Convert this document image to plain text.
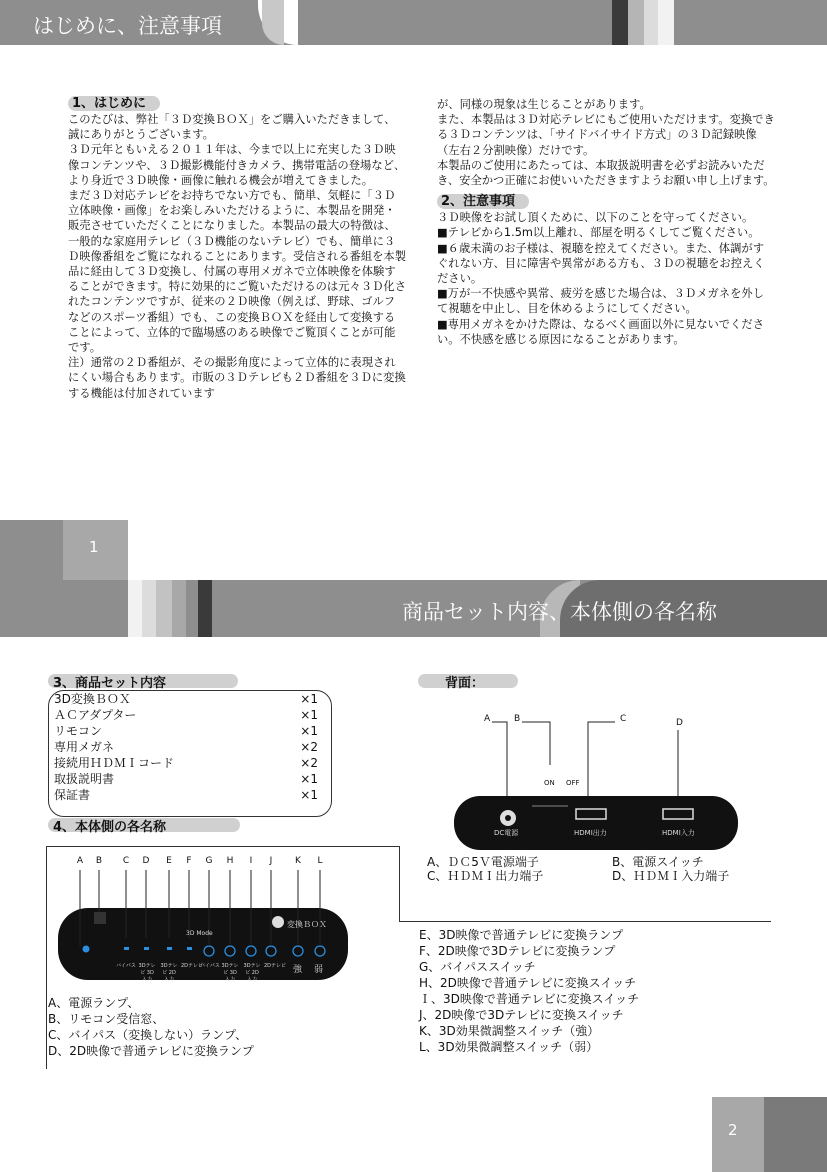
はじめに、注意事項
1、はじめに

このたびは、弊社「３Ｄ変換ＢＯＸ」をご購入いただきまして、誠にありがとうございます。

３Ｄ元年ともいえる２０１１年は、今まで以上に充実した３Ｄ映像コンテンツや、３Ｄ撮影機能付きカメラ、携帯電話の登場など、より身近で３Ｄ映像・画像に触れる機会が増えてきました。

まだ３Ｄ対応テレビをお持ちでない方でも、簡単、気軽に「３Ｄ立体映像・画像」をお楽しみいただけるように、本製品を開発・販売させていただくことになりました。本製品の最大の特徴は、一般的な家庭用テレビ（３Ｄ機能のないテレビ）でも、簡単に３Ｄ映像番組をご覧になれることにあります。受信される番組を本製品に経由して３Ｄ変換し、付属の専用メガネで立体映像を体験することができます。特に効果的にご覧いただけるのは元々３Ｄ化されたコンテンツですが、従来の２Ｄ映像（例えば、野球、ゴルフなどのスポーツ番組）でも、この変換ＢＯＸを経由して変換することによって、立体的で臨場感のある映像でご覧頂くことが可能です。

注）通常の２Ｄ番組が、その撮影角度によって立体的に表現されにくい場合もあります。市販の３Ｄテレビも２Ｄ番組を３Ｄに変換する機能は付加されています

が、同様の現象は生じることがあります。

また、本製品は３Ｄ対応テレビにもご使用いただけます。変換できる３Ｄコンテンツは、「サイドバイサイド方式」の３Ｄ記録映像（左右２分割映像）だけです。

本製品のご使用にあたっては、本取扱説明書を必ずお読みいただき、安全かつ正確にお使いいただきますようお願い申し上げます。

2、注意事項

３Ｄ映像をお試し頂くために、以下のことを守ってください。

■テレビから1.5m以上離れ、部屋を明るくしてご覧ください。

■６歳未満のお子様は、視聴を控えてください。また、体調がすぐれない方、目に障害や異常がある方も、３Ｄの視聴をお控えください。

■万が一不快感や異常、疲労を感じた場合は、３Ｄメガネを外して視聴を中止し、目を休めるようにしてください。

■専用メガネをかけた際は、なるべく画面以外に見ないでください。不快感を感じる原因になることがあります。

1
商品セット内容、本体側の各名称
3、商品セット内容
3D変換ＢＯＸ	×1
ＡＣアダプター	×1
リモコン	×1
専用メガネ	×2
接続用ＨＤＭＩコード	×2
取扱説明書	×1
保証書	×1
4、本体側の各名称
背面：
A	B	C	D
ON OFF
DC電源	HDMI出力	HDMI入力
A、ＤＣ5Ｖ電源端子	B、電源スイッチ
C、ＨＤＭＩ出力端子	D、ＨＤＭＩ入力端子
A	B	C	D	E	F	G	H	I	J	K	L
3D Mode
変換ＢＯＸ
バイパス 3Dテレビ 3D入力
3Dテレビ 2D入力
2Dテレビ
バイパス 3Dテレビ 3D入力
3Dテレビ 2D入力
2Dテレビ 強 弱
A、電源ランプ、
B、リモコン受信窓、
C、バイパス（変換しない）ランプ、
D、2D映像で普通テレビに変換ランプ
E、3D映像で普通テレビに変換ランプ
F、2D映像で3Dテレビに変換ランプ
G、バイパススイッチ
H、2D映像で普通テレビに変換スイッチ
Ｉ、3D映像で普通テレビに変換スイッチ
J、2D映像で3Dテレビに変換スイッチ
K、3D効果微調整スイッチ（強）
L、3D効果微調整スイッチ（弱）
2
